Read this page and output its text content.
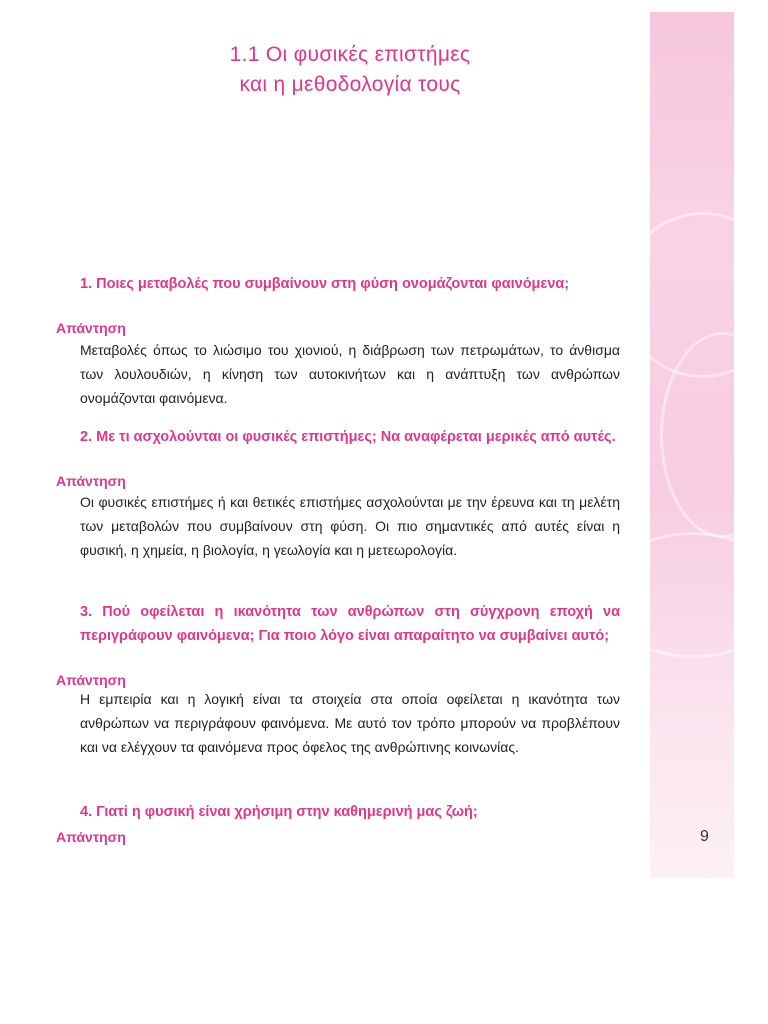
1.1 Οι φυσικές επιστήμες
και η μεθοδολογία τους
1. Ποιες μεταβολές που συμβαίνουν στη φύση ονομάζονται φαινόμενα;
Απάντηση
Μεταβολές όπως το λιώσιμο του χιονιού, η διάβρωση των πετρωμάτων, το άνθισμα των λουλουδιών, η κίνηση των αυτοκινήτων και η ανάπτυξη των ανθρώπων ονομάζονται φαινόμενα.
2. Με τι ασχολούνται οι φυσικές επιστήμες; Να αναφέρεται μερικές από αυτές.
Απάντηση
Οι φυσικές επιστήμες ή και θετικές επιστήμες ασχολούνται με την έρευνα και τη μελέτη των μεταβολών που συμβαίνουν στη φύση. Οι πιο σημαντικές από αυτές είναι η φυσική, η χημεία, η βιολογία, η γεωλογία και η μετεωρολογία.
3. Πού οφείλεται η ικανότητα των ανθρώπων στη σύγχρονη εποχή να περιγράφουν φαινόμενα; Για ποιο λόγο είναι απαραίτητο να συμβαίνει αυτό;
Απάντηση
Η εμπειρία και η λογική είναι τα στοιχεία στα οποία οφείλεται η ικανότητα των ανθρώπων να περιγράφουν φαινόμενα. Με αυτό τον τρόπο μπορούν να προβλέπουν και να ελέγχουν τα φαινόμενα προς όφελος της ανθρώπινης κοινωνίας.
4. Γιατί η φυσική είναι χρήσιμη στην καθημερινή μας ζωή;
Απάντηση	9
